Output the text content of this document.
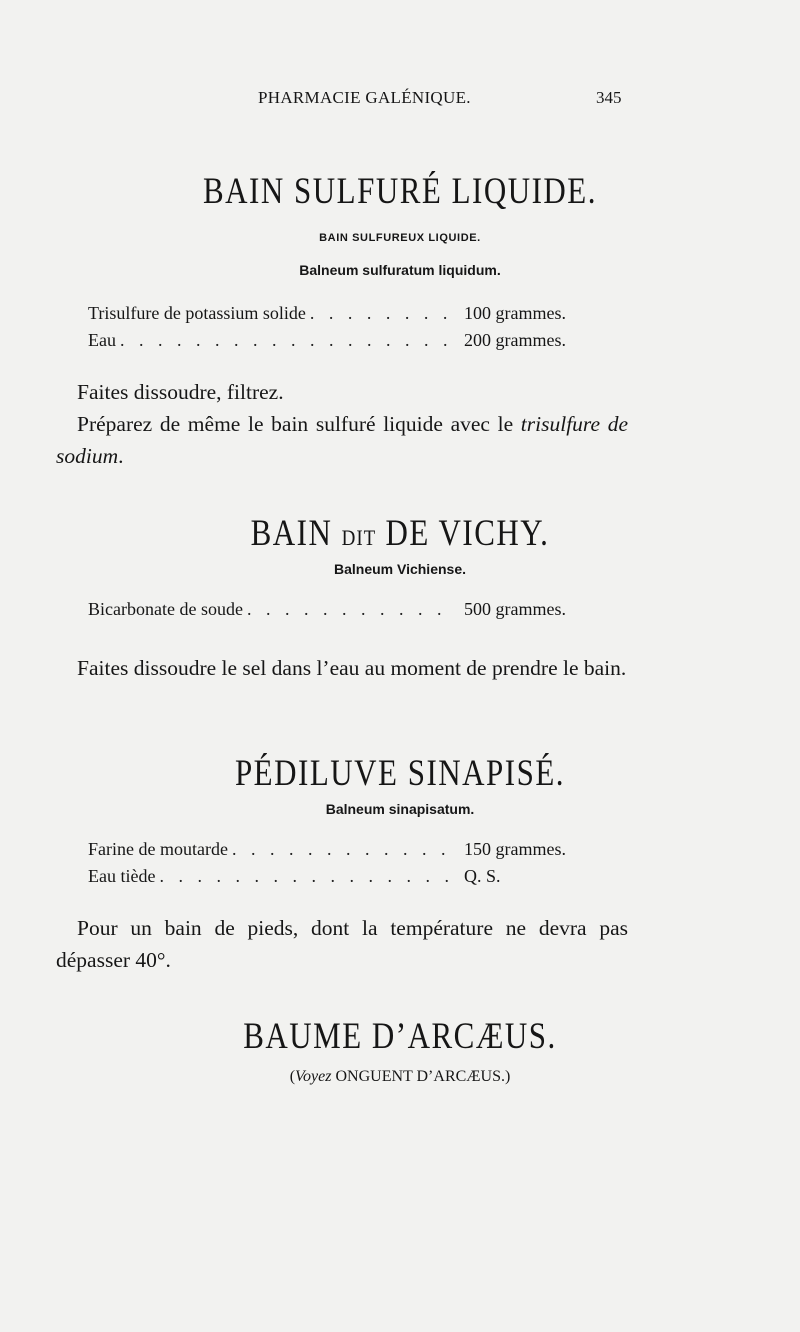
PHARMACIE GALÉNIQUE.	345
BAIN SULFURÉ LIQUIDE.
BAIN SULFUREUX LIQUIDE.
Balneum sulfuratum liquidum.
Trisulfure de potassium solide . . .	100 grammes.
Eau . . .	200 grammes.
Faites dissoudre, filtrez.
Préparez de même le bain sulfuré liquide avec le trisulfure de sodium.
BAIN DIT DE VICHY.
Balneum Vichiense.
Bicarbonate de soude . . .	500 grammes.
Faites dissoudre le sel dans l’eau au moment de prendre le bain.
PÉDILUVE SINAPISÉ.
Balneum sinapisatum.
Farine de moutarde . . .	150 grammes.
Eau tiède . . .	Q. S.
Pour un bain de pieds, dont la température ne devra pas dépasser 40°.
BAUME D’ARCÆUS.
(Voyez ONGUENT D’ARCÆUS.)
